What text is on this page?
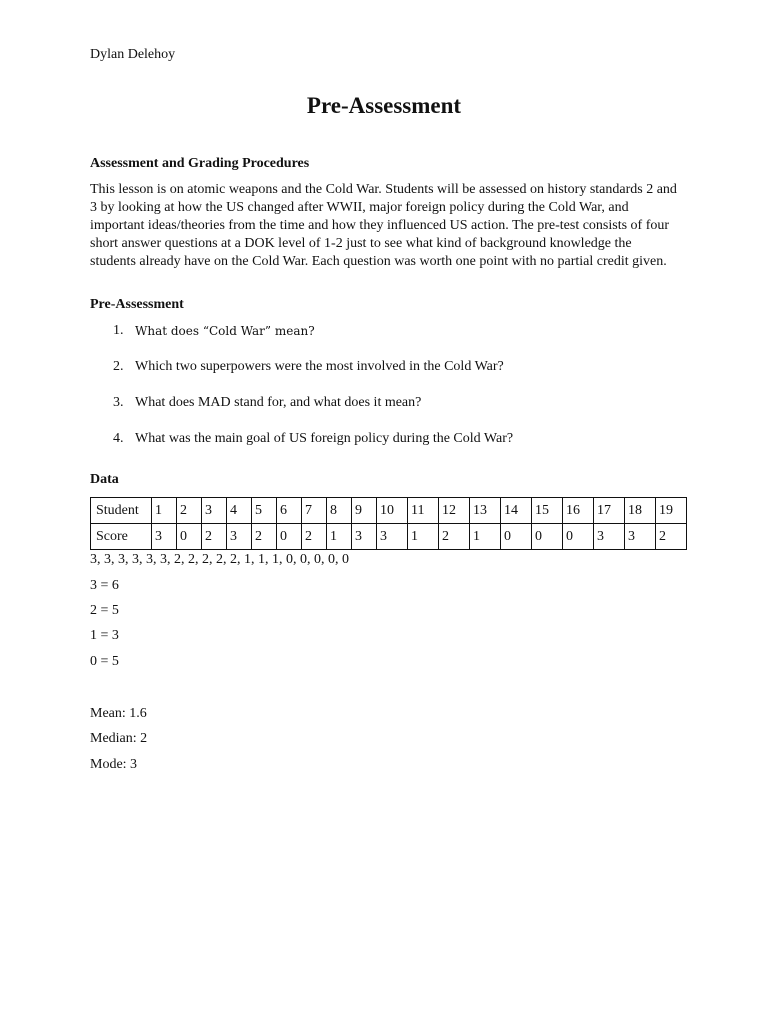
Dylan Delehoy
Pre-Assessment
Assessment and Grading Procedures

This lesson is on atomic weapons and the Cold War. Students will be assessed on history standards 2 and 3 by looking at how the US changed after WWII, major foreign policy during the Cold War, and important ideas/theories from the time and how they influenced US action. The pre-test consists of four short answer questions at a DOK level of 1-2 just to see what kind of background knowledge the students already have on the Cold War. Each question was worth one point with no partial credit given.

Pre-Assessment
1. What does “Cold War” mean?
2. Which two superpowers were the most involved in the Cold War?
3. What does MAD stand for, and what does it mean?
4. What was the main goal of US foreign policy during the Cold War?
Data
Student	1	2	3	4	5	6	7	8	9	10	11	12	13	14	15	16	17	18	19
Score	3	0	2	3	2	0	2	1	3	3	1	2	1	0	0	0	3	3	2
3, 3, 3, 3, 3, 3, 2, 2, 2, 2, 2, 1, 1, 1, 0, 0, 0, 0, 0
3 = 6
2 = 5
1 = 3
0 = 5
Mean: 1.6
Median: 2
Mode: 3
